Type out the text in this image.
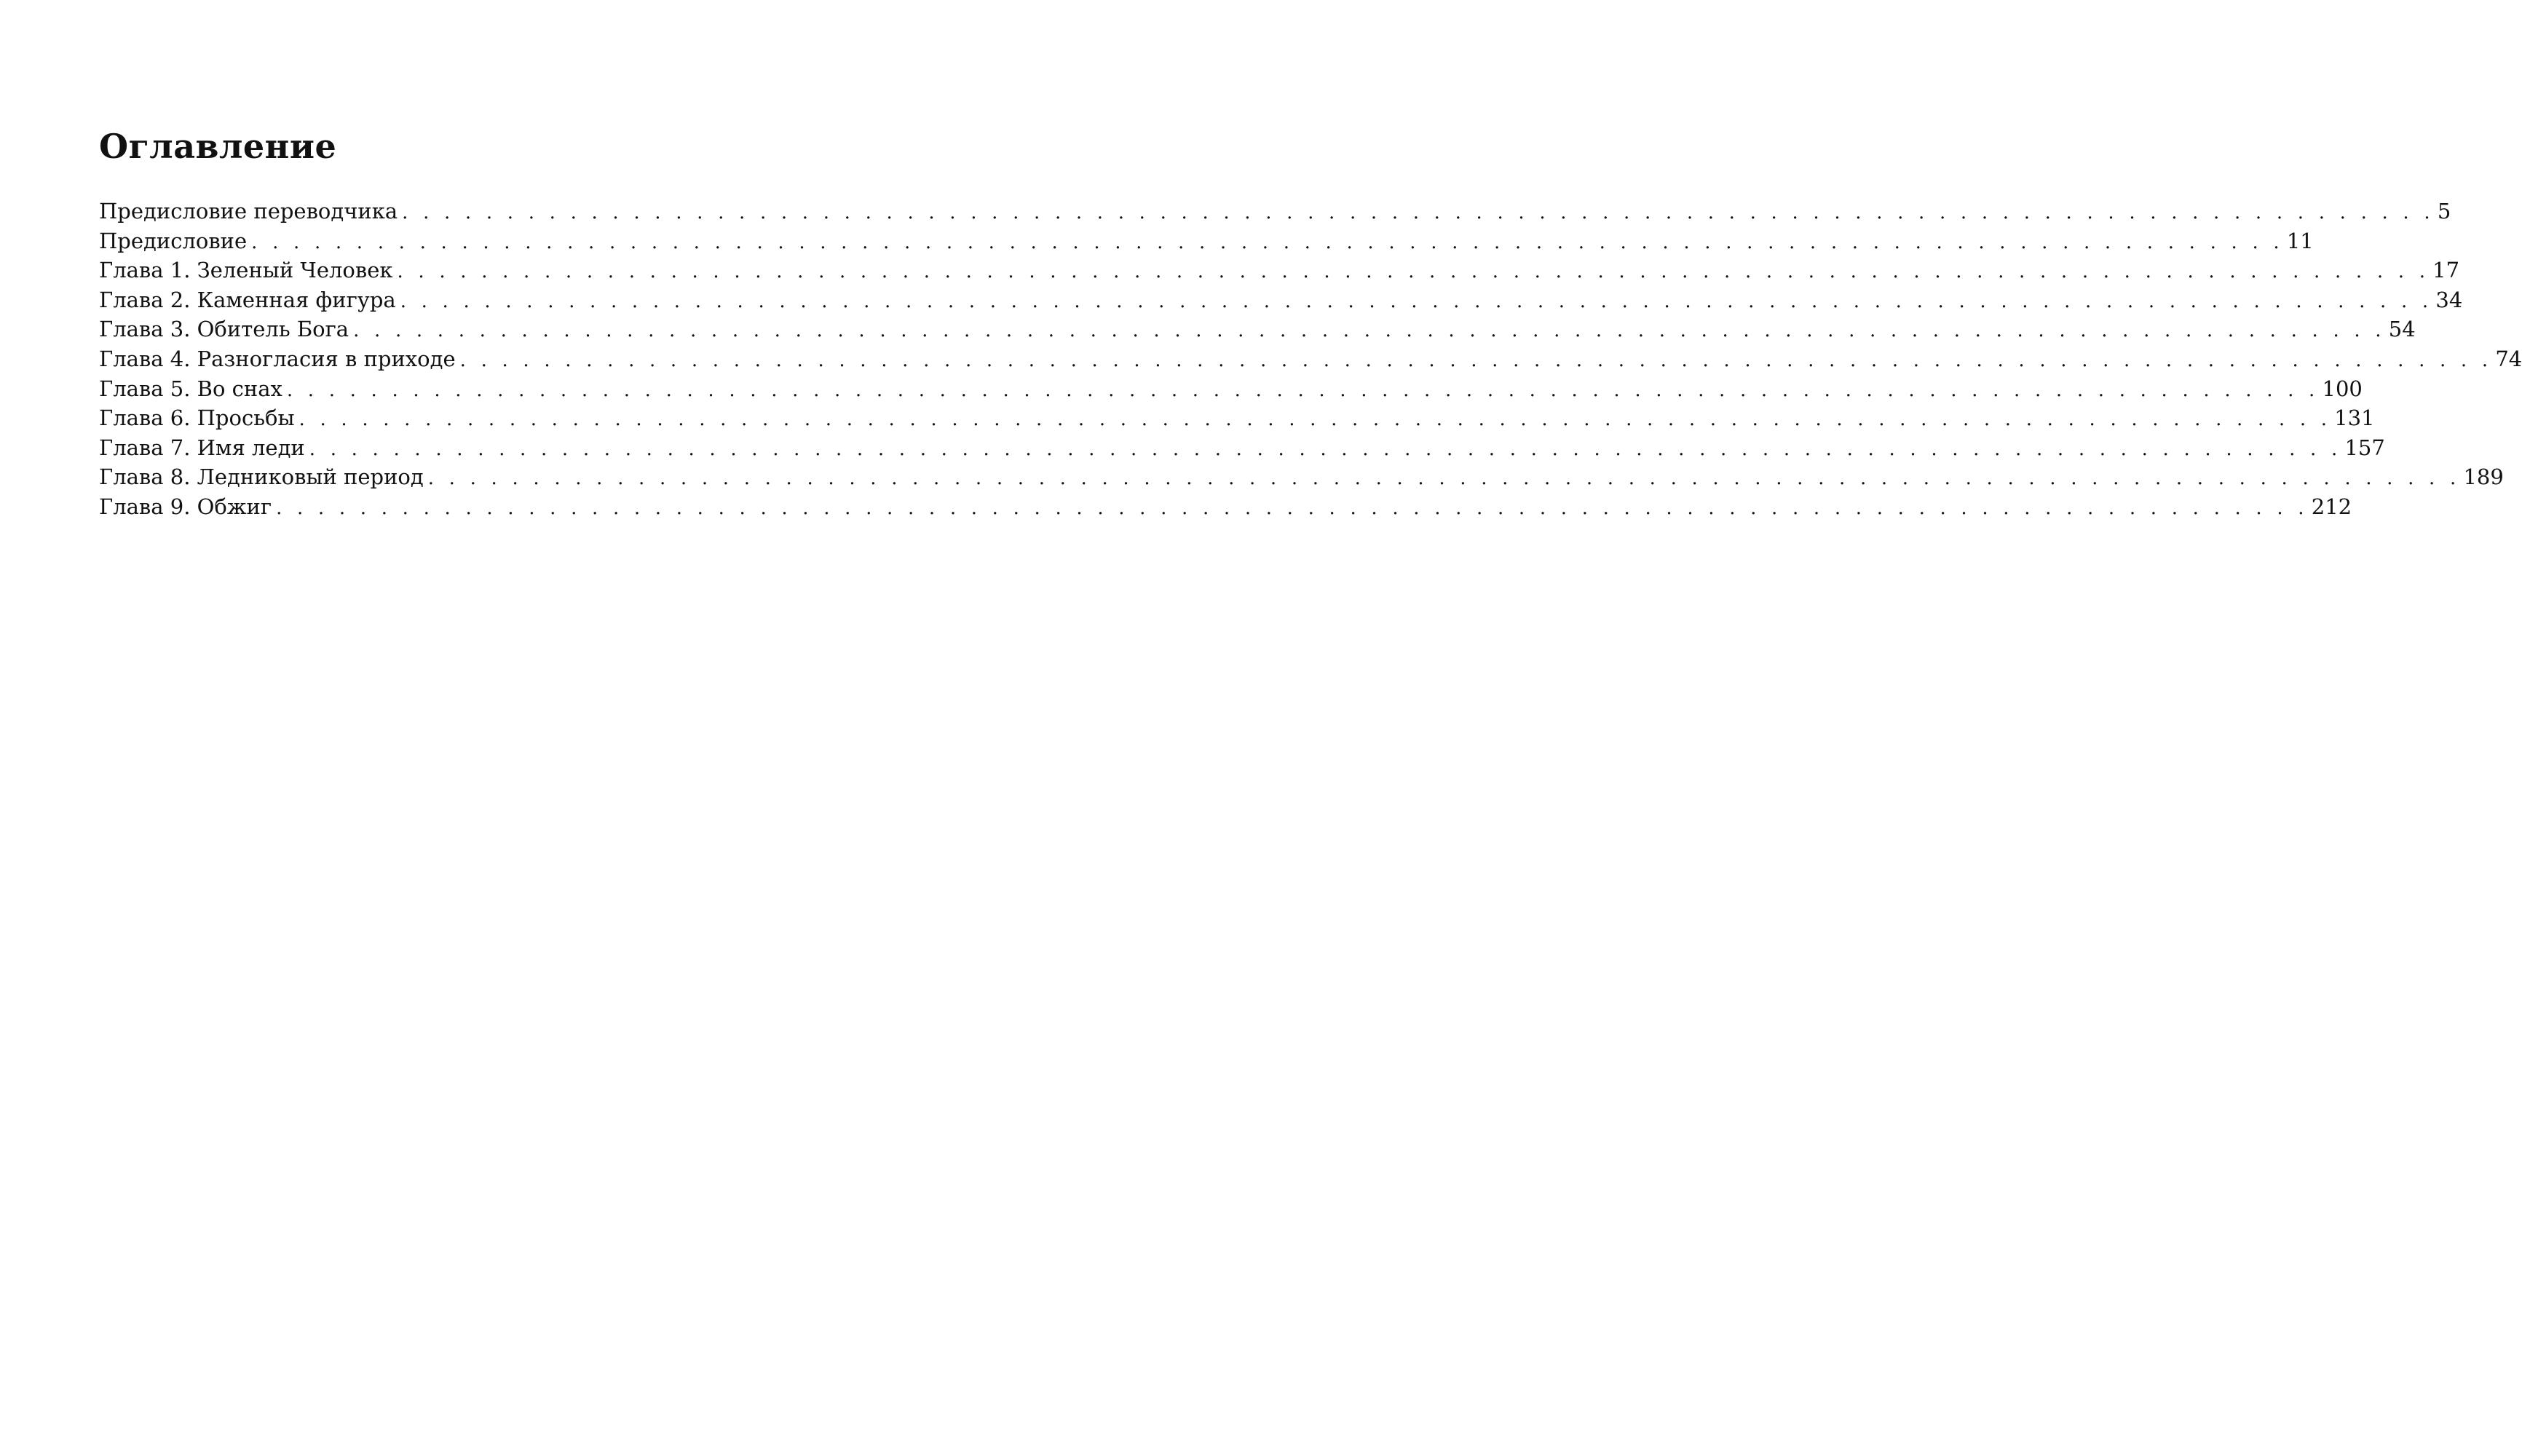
Оглавление
Предисловие переводчика . . . . . . . . . . . . . . . . . . . . . . . . . . . . . . . . . . . . . . . . . . . . . . . . . . . . . . . . . . . . . . . . . . . . . . . . . . . . . . . . . . . . . . . . . . . . . . . . . 5
Предисловие . . . . . . . . . . . . . . . . . . . . . . . . . . . . . . . . . . . . . . . . . . . . . . . . . . . . . . . . . . . . . . . . . . . . . . . . . . . . . . . . . . . . . . . . . . . . . . . . . 11
Глава 1. Зеленый Человек . . . . . . . . . . . . . . . . . . . . . . . . . . . . . . . . . . . . . . . . . . . . . . . . . . . . . . . . . . . . . . . . . . . . . . . . . . . . . . . . . . . . . . . . . . . . . . . . . 17
Глава 2. Каменная фигура . . . . . . . . . . . . . . . . . . . . . . . . . . . . . . . . . . . . . . . . . . . . . . . . . . . . . . . . . . . . . . . . . . . . . . . . . . . . . . . . . . . . . . . . . . . . . . . . . 34
Глава 3. Обитель Бога . . . . . . . . . . . . . . . . . . . . . . . . . . . . . . . . . . . . . . . . . . . . . . . . . . . . . . . . . . . . . . . . . . . . . . . . . . . . . . . . . . . . . . . . . . . . . . . . . 54
Глава 4. Разногласия в приходе . . . . . . . . . . . . . . . . . . . . . . . . . . . . . . . . . . . . . . . . . . . . . . . . . . . . . . . . . . . . . . . . . . . . . . . . . . . . . . . . . . . . . . . . . . . . . . . . . 74
Глава 5. Во снах . . . . . . . . . . . . . . . . . . . . . . . . . . . . . . . . . . . . . . . . . . . . . . . . . . . . . . . . . . . . . . . . . . . . . . . . . . . . . . . . . . . . . . . . . . . . . . . . . 100
Глава 6. Просьбы . . . . . . . . . . . . . . . . . . . . . . . . . . . . . . . . . . . . . . . . . . . . . . . . . . . . . . . . . . . . . . . . . . . . . . . . . . . . . . . . . . . . . . . . . . . . . . . . . 131
Глава 7. Имя леди . . . . . . . . . . . . . . . . . . . . . . . . . . . . . . . . . . . . . . . . . . . . . . . . . . . . . . . . . . . . . . . . . . . . . . . . . . . . . . . . . . . . . . . . . . . . . . . . . 157
Глава 8. Ледниковый период . . . . . . . . . . . . . . . . . . . . . . . . . . . . . . . . . . . . . . . . . . . . . . . . . . . . . . . . . . . . . . . . . . . . . . . . . . . . . . . . . . . . . . . . . . . . . . . . . 189
Глава 9. Обжиг . . . . . . . . . . . . . . . . . . . . . . . . . . . . . . . . . . . . . . . . . . . . . . . . . . . . . . . . . . . . . . . . . . . . . . . . . . . . . . . . . . . . . . . . . . . . . . . . . 212
